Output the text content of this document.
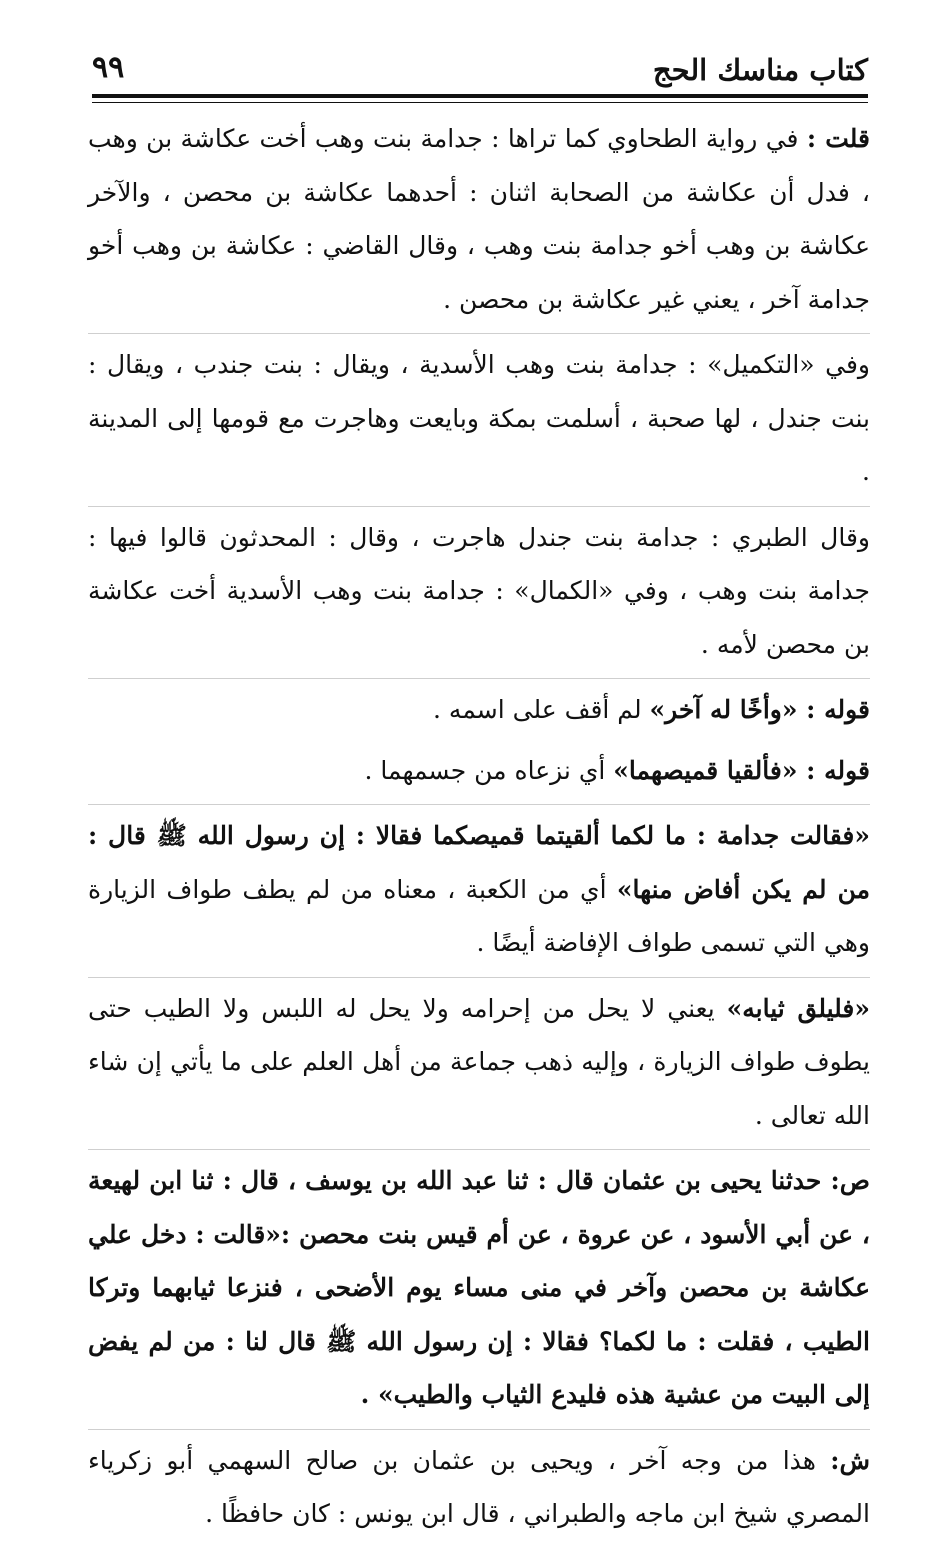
كتاب مناسك الحج
٩٩

قلت : في رواية الطحاوي كما تراها : جدامة بنت وهب أخت عكاشة بن وهب ، فدل أن عكاشة من الصحابة اثنان : أحدهما عكاشة بن محصن ، والآخر عكاشة بن وهب أخو جدامة بنت وهب ، وقال القاضي : عكاشة بن وهب أخو جدامة آخر ، يعني غير عكاشة بن محصن .

وفي «التكميل» : جدامة بنت وهب الأسدية ، ويقال : بنت جندب ، ويقال : بنت جندل ، لها صحبة ، أسلمت بمكة وبايعت وهاجرت مع قومها إلى المدينة .

وقال الطبري : جدامة بنت جندل هاجرت ، وقال : المحدثون قالوا فيها : جدامة بنت وهب ، وفي «الكمال» : جدامة بنت وهب الأسدية أخت عكاشة بن محصن لأمه .

قوله : «وأخًا له آخر» لم أقف على اسمه .

قوله : «فألقيا قميصهما» أي نزعاه من جسمهما .

«فقالت جدامة : ما لكما ألقيتما قميصكما فقالا : إن رسول الله ﷺ قال : من لم يكن أفاض منها» أي من الكعبة ، معناه من لم يطف طواف الزيارة وهي التي تسمى طواف الإفاضة أيضًا .

«فليلق ثيابه» يعني لا يحل من إحرامه ولا يحل له اللبس ولا الطيب حتى يطوف طواف الزيارة ، وإليه ذهب جماعة من أهل العلم على ما يأتي إن شاء الله تعالى .

ص: حدثنا يحيى بن عثمان قال : ثنا عبد الله بن يوسف ، قال : ثنا ابن لهيعة ، عن أبي الأسود ، عن عروة ، عن أم قيس بنت محصن :«قالت : دخل علي عكاشة بن محصن وآخر في منى مساء يوم الأضحى ، فنزعا ثيابهما وتركا الطيب ، فقلت : ما لكما؟ فقالا : إن رسول الله ﷺ قال لنا : من لم يفض إلى البيت من عشية هذه فليدع الثياب والطيب» .

ش: هذا من وجه آخر ، ويحيى بن عثمان بن صالح السهمي أبو زكرياء المصري شيخ ابن ماجه والطبراني ، قال ابن يونس : كان حافظًا .
